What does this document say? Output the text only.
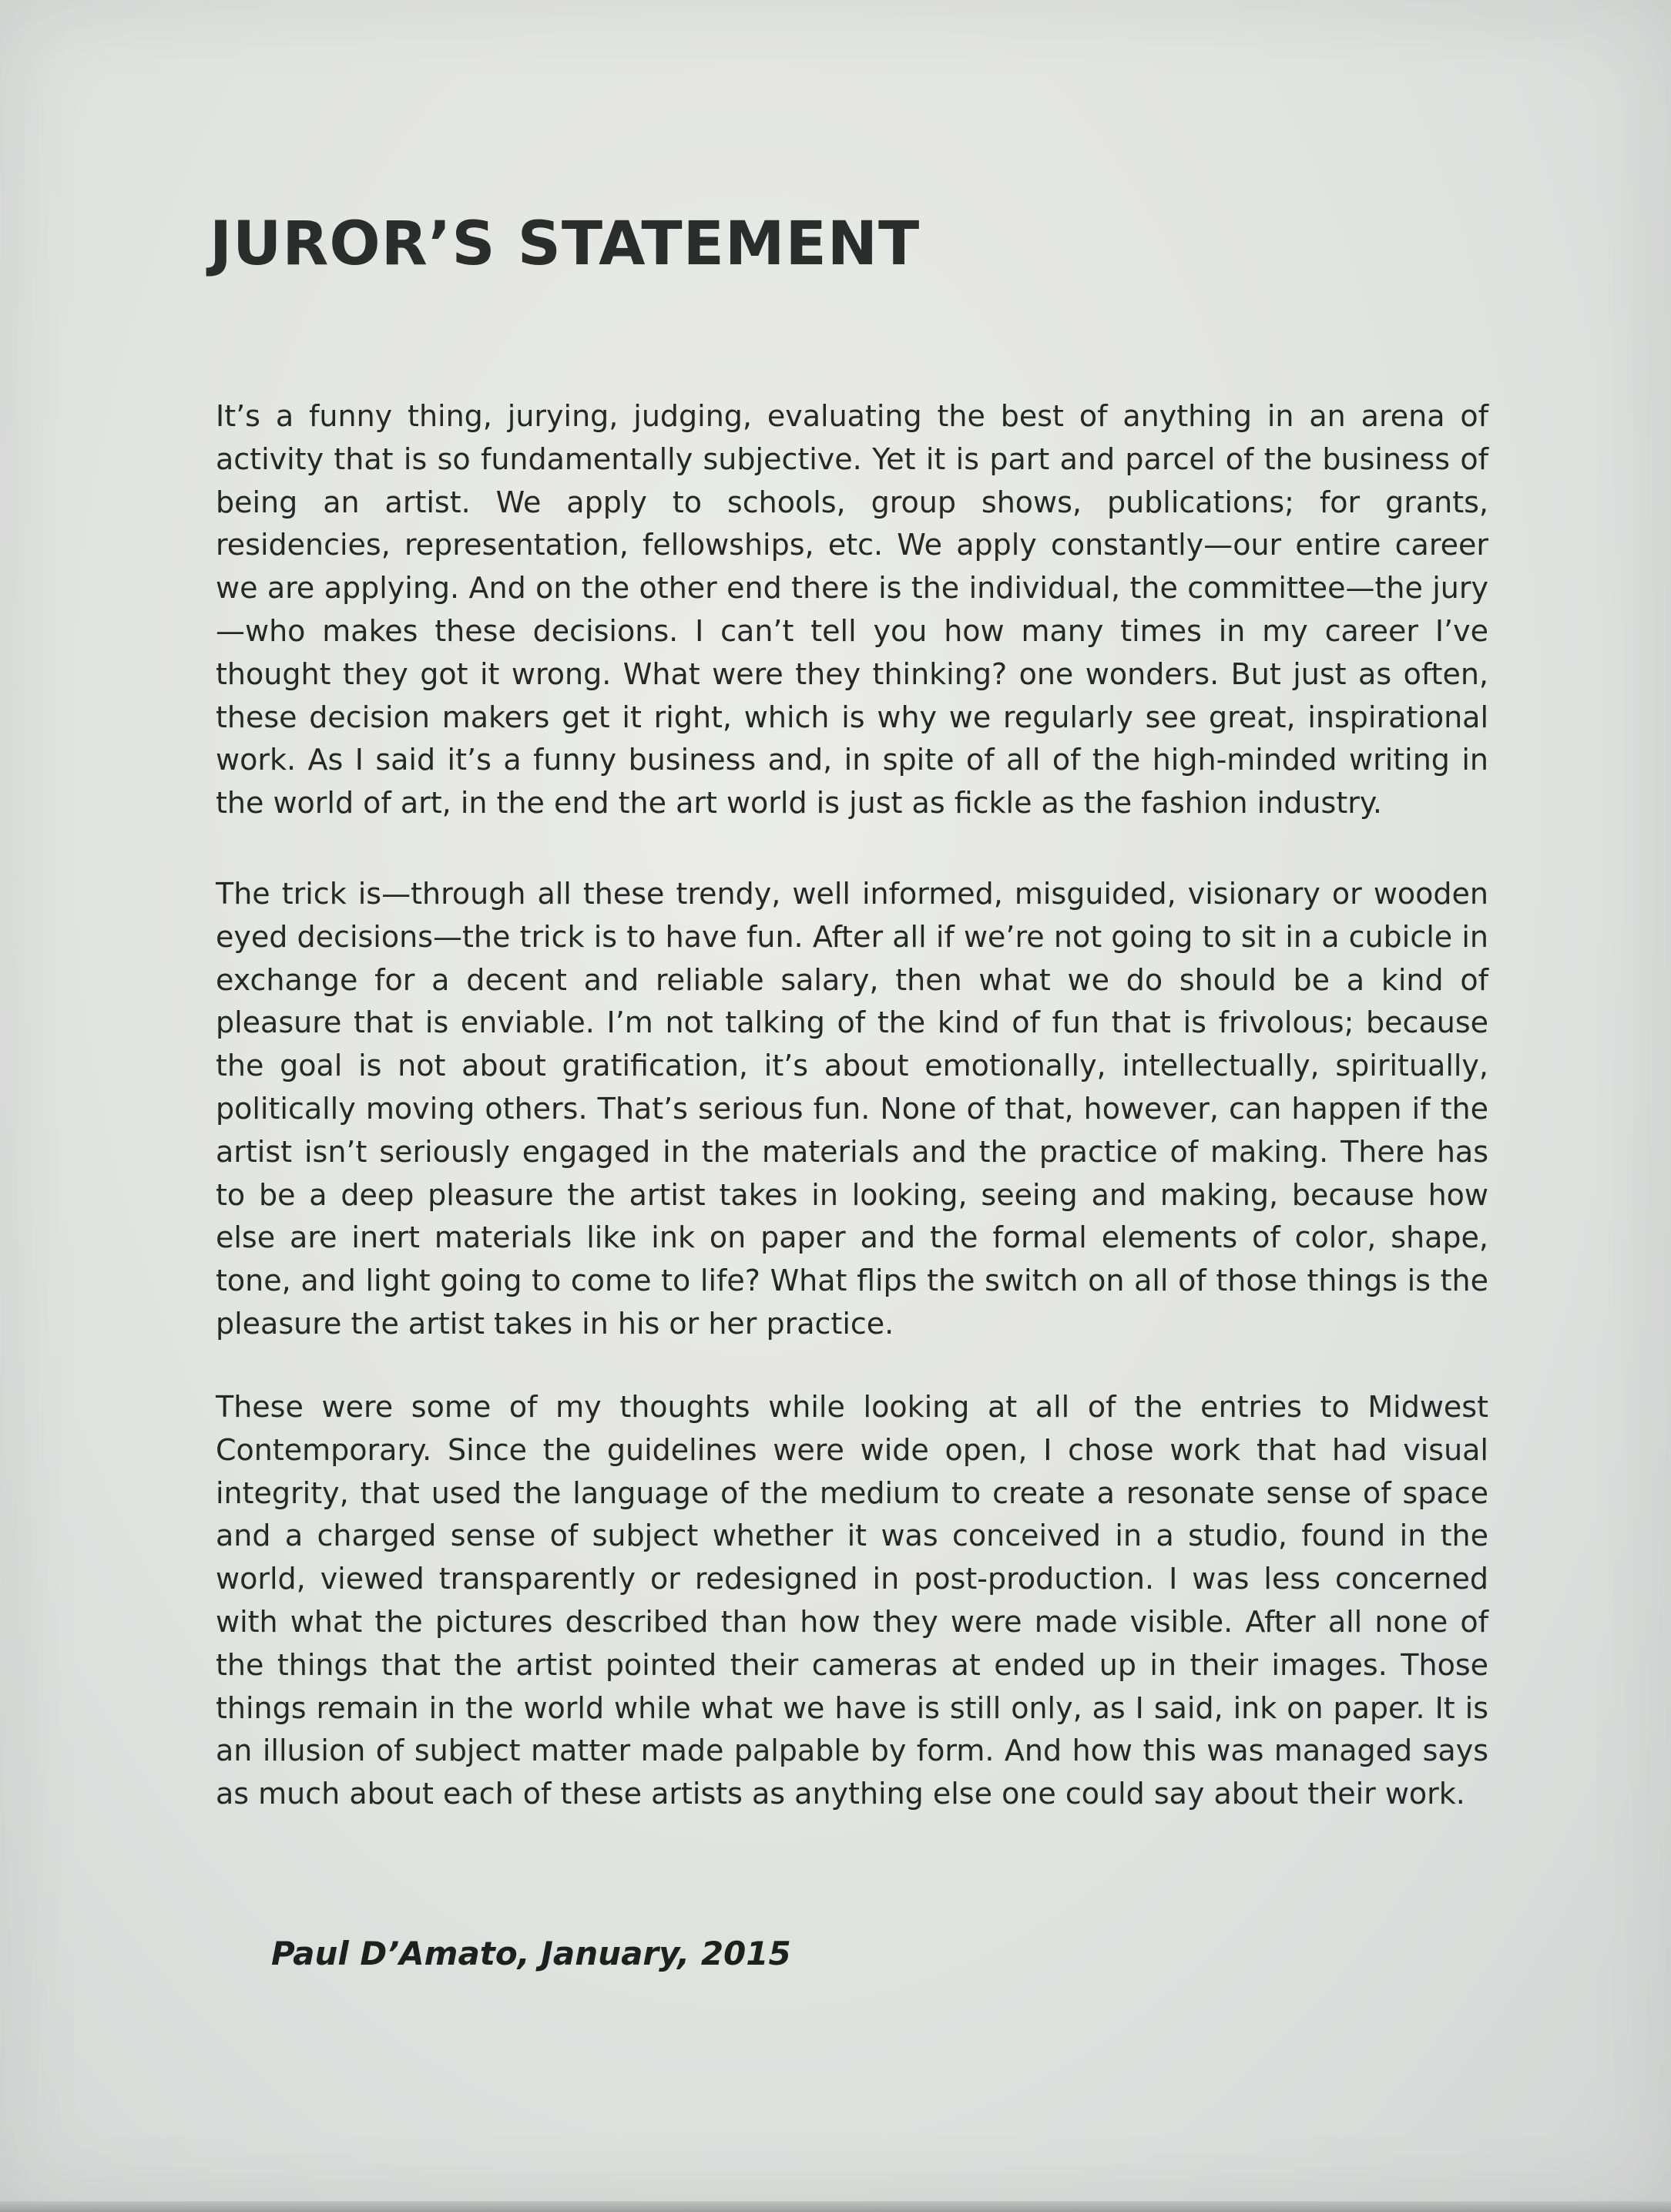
JUROR’S STATEMENT

It’s a funny thing, jurying, judging, evaluating the best of anything in an arena of activity that is so fundamentally subjective. Yet it is part and parcel of the business of being an artist. We apply to schools, group shows, publications; for grants, residencies, representation, fellowships, etc. We apply constantly—our entire career we are applying. And on the other end there is the individual, the committee—the jury—who makes these decisions. I can’t tell you how many times in my career I’ve thought they got it wrong. What were they thinking? one wonders. But just as often, these decision makers get it right, which is why we regularly see great, inspirational work. As I said it’s a funny business and, in spite of all of the high-minded writing in the world of art, in the end the art world is just as fickle as the fashion industry.

The trick is—through all these trendy, well informed, misguided, visionary or wooden eyed decisions—the trick is to have fun. After all if we’re not going to sit in a cubicle in exchange for a decent and reliable salary, then what we do should be a kind of pleasure that is enviable. I’m not talking of the kind of fun that is frivolous; because the goal is not about gratification, it’s about emotionally, intellectually, spiritually, politically moving others. That’s serious fun. None of that, however, can happen if the artist isn’t seriously engaged in the materials and the practice of making. There has to be a deep pleasure the artist takes in looking, seeing and making, because how else are inert materials like ink on paper and the formal elements of color, shape, tone, and light going to come to life? What flips the switch on all of those things is the pleasure the artist takes in his or her practice.

These were some of my thoughts while looking at all of the entries to Midwest Contemporary. Since the guidelines were wide open, I chose work that had visual integrity, that used the language of the medium to create a resonate sense of space and a charged sense of subject whether it was conceived in a studio, found in the world, viewed transparently or redesigned in post-production. I was less concerned with what the pictures described than how they were made visible. After all none of the things that the artist pointed their cameras at ended up in their images. Those things remain in the world while what we have is still only, as I said, ink on paper. It is an illusion of subject matter made palpable by form. And how this was managed says as much about each of these artists as anything else one could say about their work.

Paul D’Amato, January, 2015
